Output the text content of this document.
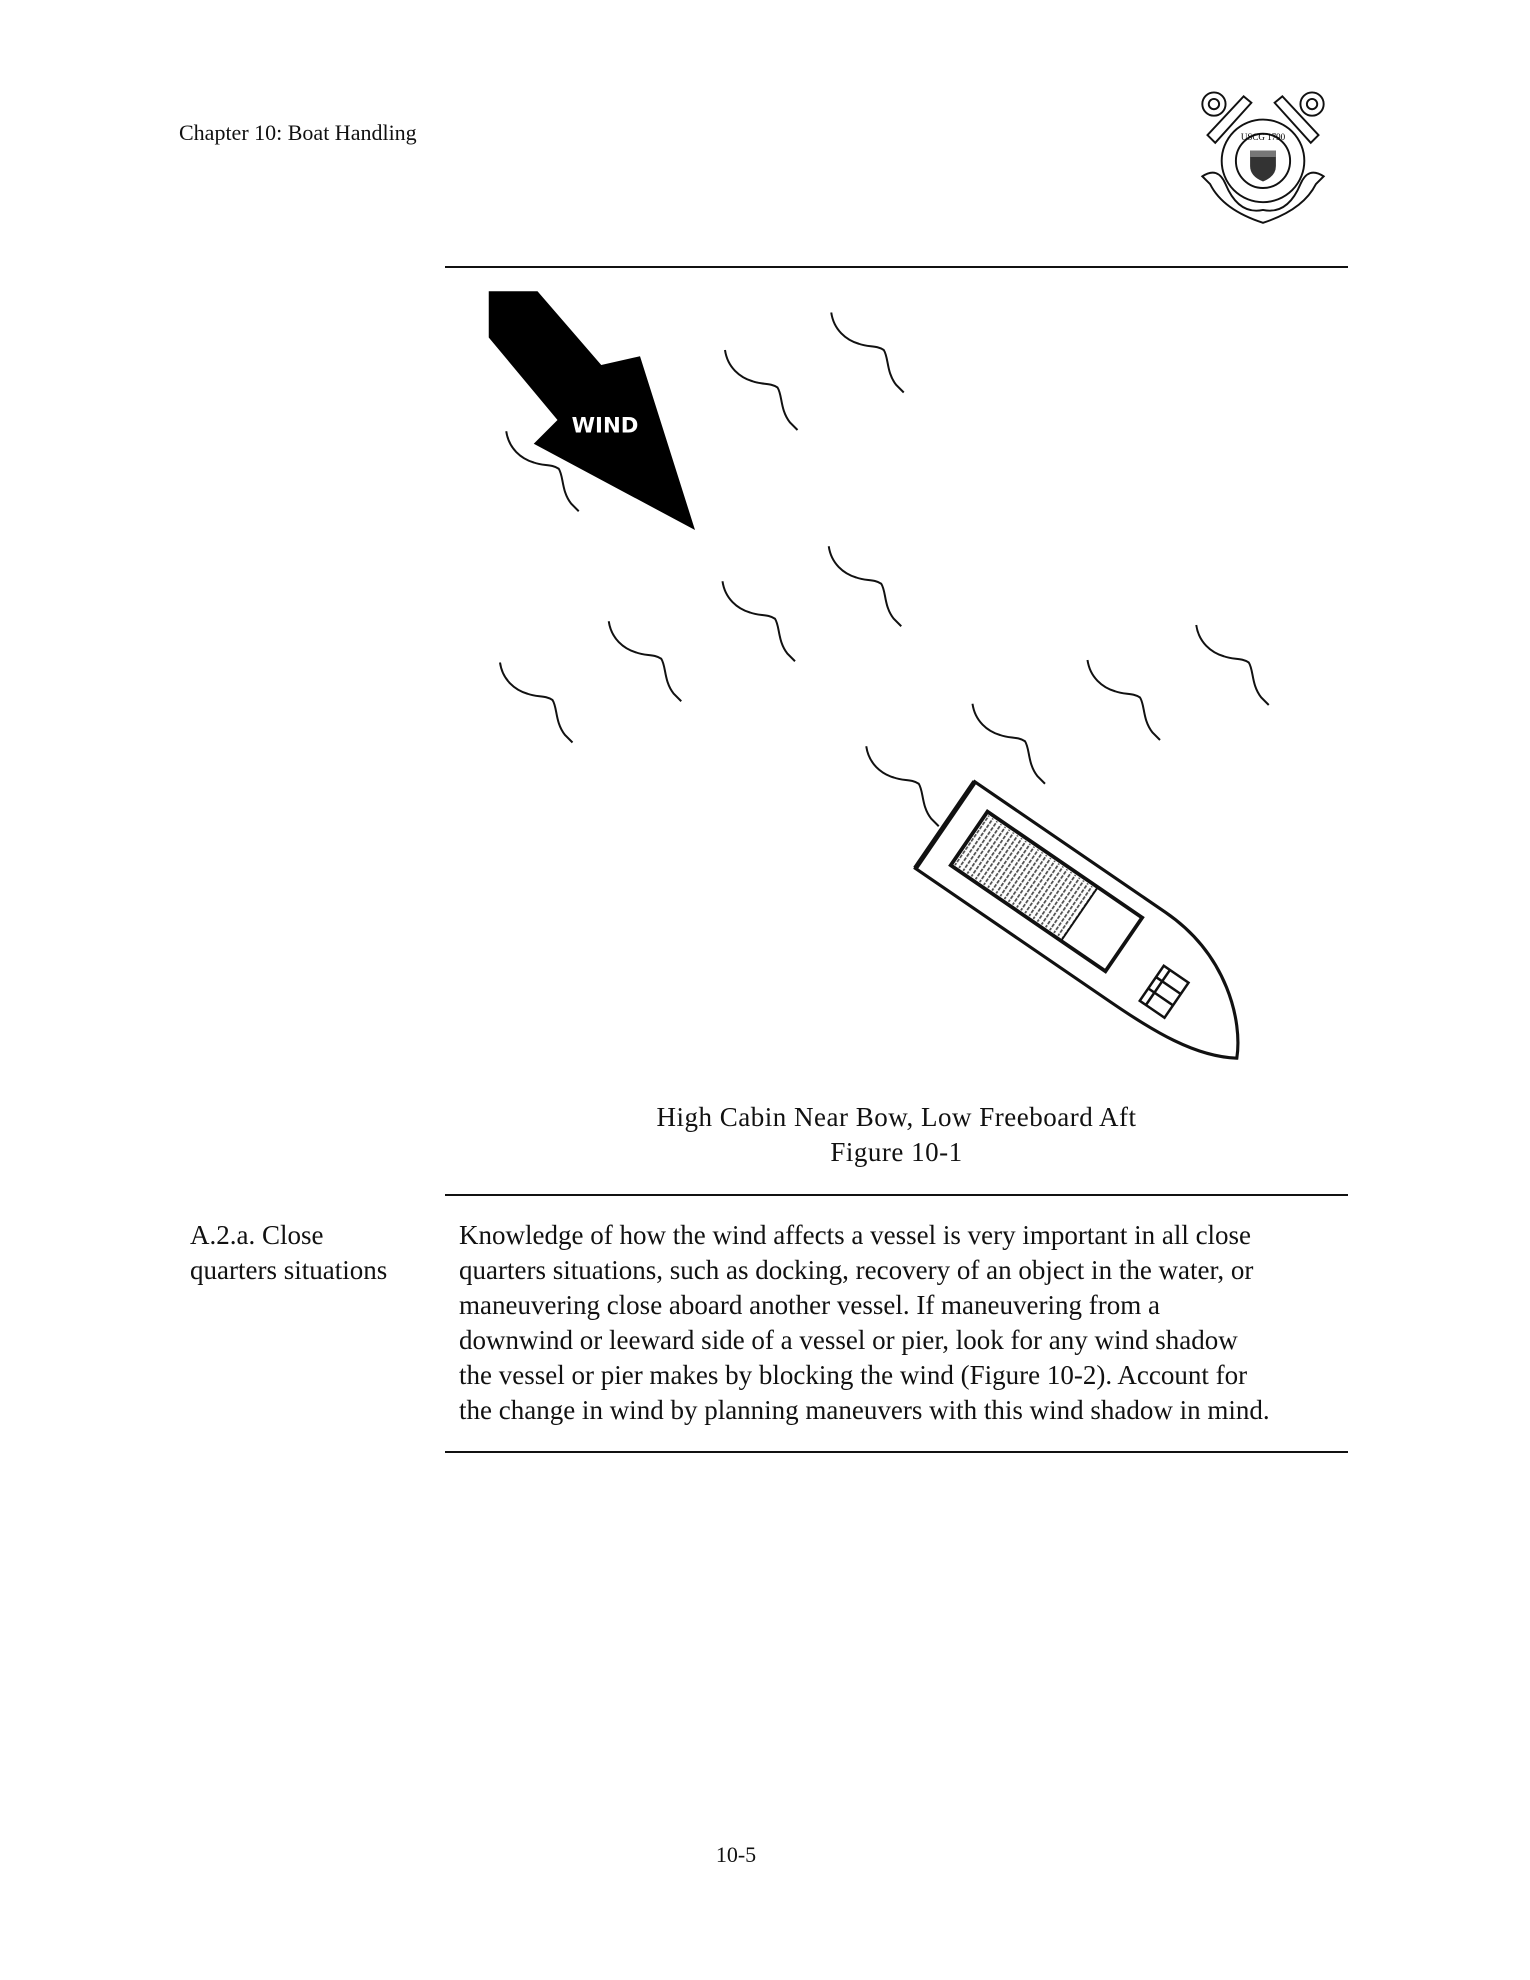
Chapter 10: Boat Handling	USCG 1790
WIND
High Cabin Near Bow, Low Freeboard Aft
Figure 10-1
A.2.a. Close
quarters situations
Knowledge of how the wind affects a vessel is very important in all close
quarters situations, such as docking, recovery of an object in the water, or
maneuvering close aboard another vessel. If maneuvering from a
downwind or leeward side of a vessel or pier, look for any wind shadow
the vessel or pier makes by blocking the wind (Figure 10-2). Account for
the change in wind by planning maneuvers with this wind shadow in mind.
10-5
